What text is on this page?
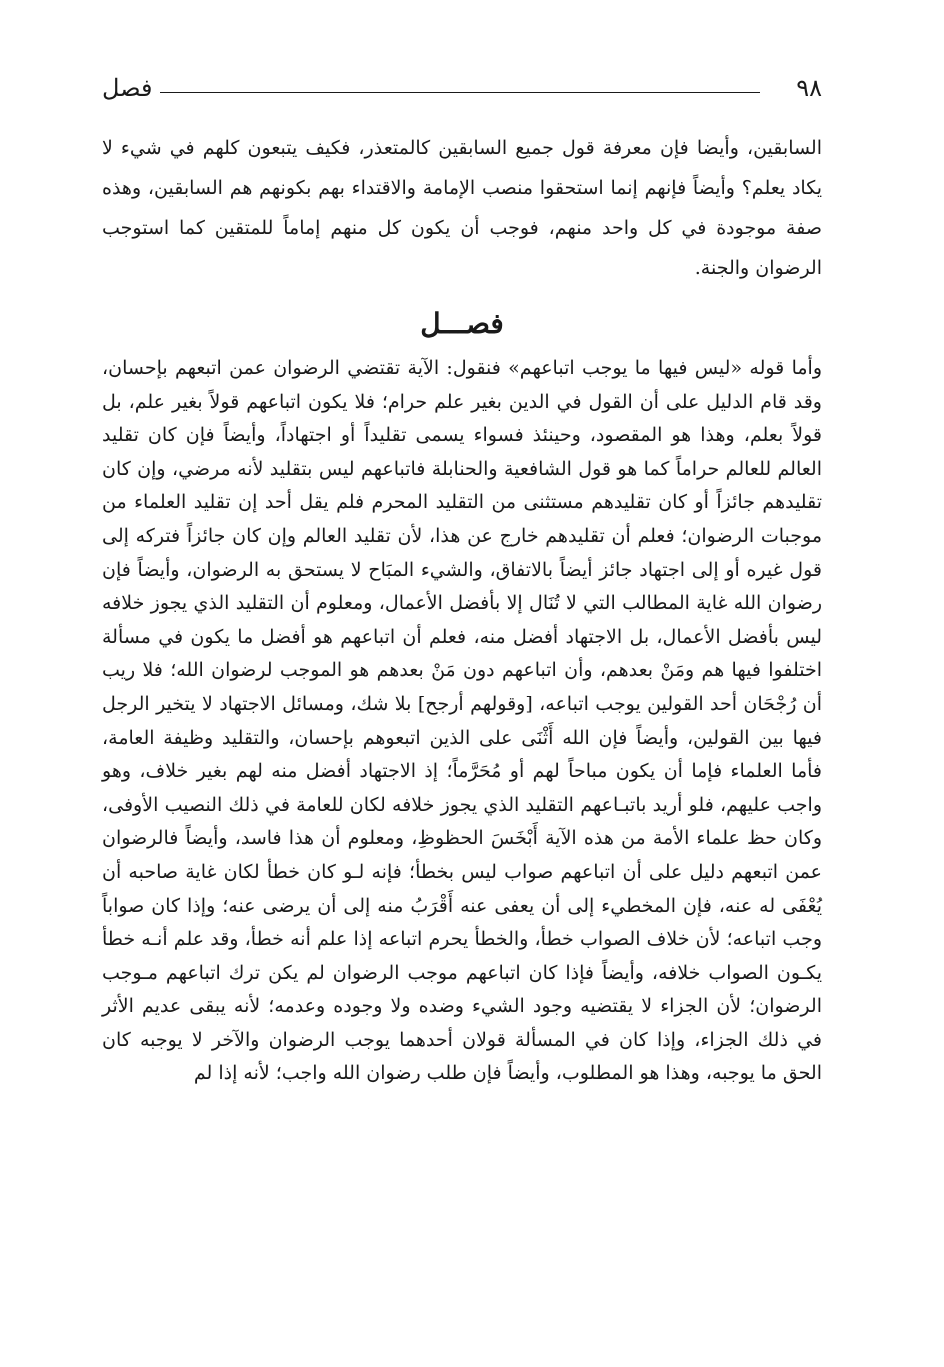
٩٨
فصل

السابقين، وأيضا فإن معرفة قول جميع السابقين كالمتعذر، فكيف يتبعون كلهم في شيء لا يكاد يعلم؟ وأيضاً فإنهم إنما استحقوا منصب الإمامة والاقتداء بهم بكونهم هم السابقين، وهذه صفة موجودة في كل واحد منهم، فوجب أن يكون كل منهم إماماً للمتقين كما استوجب الرضوان والجنة.

فصـــل

وأما قوله «ليس فيها ما يوجب اتباعهم» فنقول: الآية تقتضي الرضوان عمن اتبعهم بإحسان، وقد قام الدليل على أن القول في الدين بغير علم حرام؛ فلا يكون اتباعهم قولاً بغير علم، بل قولاً بعلم، وهذا هو المقصود، وحينئذ فسواء يسمى تقليداً أو اجتهاداً، وأيضاً فإن كان تقليد العالم للعالم حراماً كما هو قول الشافعية والحنابلة فاتباعهم ليس بتقليد لأنه مرضي، وإن كان تقليدهم جائزاً أو كان تقليدهم مستثنى من التقليد المحرم فلم يقل أحد إن تقليد العلماء من موجبات الرضوان؛ فعلم أن تقليدهم خارج عن هذا، لأن تقليد العالم وإن كان جائزاً فتركه إلى قول غيره أو إلى اجتهاد جائز أيضاً بالاتفاق، والشيء المبَاح لا يستحق به الرضوان، وأيضاً فإن رضوان الله غاية المطالب التي لا تُنَال إلا بأفضل الأعمال، ومعلوم أن التقليد الذي يجوز خلافه ليس بأفضل الأعمال، بل الاجتهاد أفضل منه، فعلم أن اتباعهم هو أفضل ما يكون في مسألة اختلفوا فيها هم ومَنْ بعدهم، وأن اتباعهم دون مَنْ بعدهم هو الموجب لرضوان الله؛ فلا ريب أن رُجْحَان أحد القولين يوجب اتباعه، [وقولهم أرجح] بلا شك، ومسائل الاجتهاد لا يتخير الرجل فيها بين القولين، وأيضاً فإن الله أَثْنَى على الذين اتبعوهم بإحسان، والتقليد وظيفة العامة، فأما العلماء فإما أن يكون مباحاً لهم أو مُحَرَّماً؛ إذ الاجتهاد أفضل منه لهم بغير خلاف، وهو واجب عليهم، فلو أريد باتبـاعهم التقليد الذي يجوز خلافه لكان للعامة في ذلك النصيب الأوفى، وكان حظ علماء الأمة من هذه الآية أَبْخَسَ الحظوظِ، ومعلوم أن هذا فاسد، وأيضاً فالرضوان عمن اتبعهم دليل على أن اتباعهم صواب ليس بخطأ؛ فإنه لـو كان خطأ لكان غاية صاحبه أن يُعْفَى له عنه، فإن المخطيء إلى أن يعفى عنه أَقْرَبُ منه إلى أن يرضى عنه؛ وإذا كان صواباً وجب اتباعه؛ لأن خلاف الصواب خطأ، والخطأ يحرم اتباعه إذا علم أنه خطأ، وقد علم أنـه خطأ يكـون الصواب خلافه، وأيضاً فإذا كان اتباعهم موجب الرضوان لم يكن ترك اتباعهم مـوجب الرضوان؛ لأن الجزاء لا يقتضيه وجود الشيء وضده ولا وجوده وعدمه؛ لأنه يبقى عديم الأثر في ذلك الجزاء، وإذا كان في المسألة قولان أحدهما يوجب الرضوان والآخر لا يوجبه كان الحق ما يوجبه، وهذا هو المطلوب، وأيضاً فإن طلب رضوان الله واجب؛ لأنه إذا لم
